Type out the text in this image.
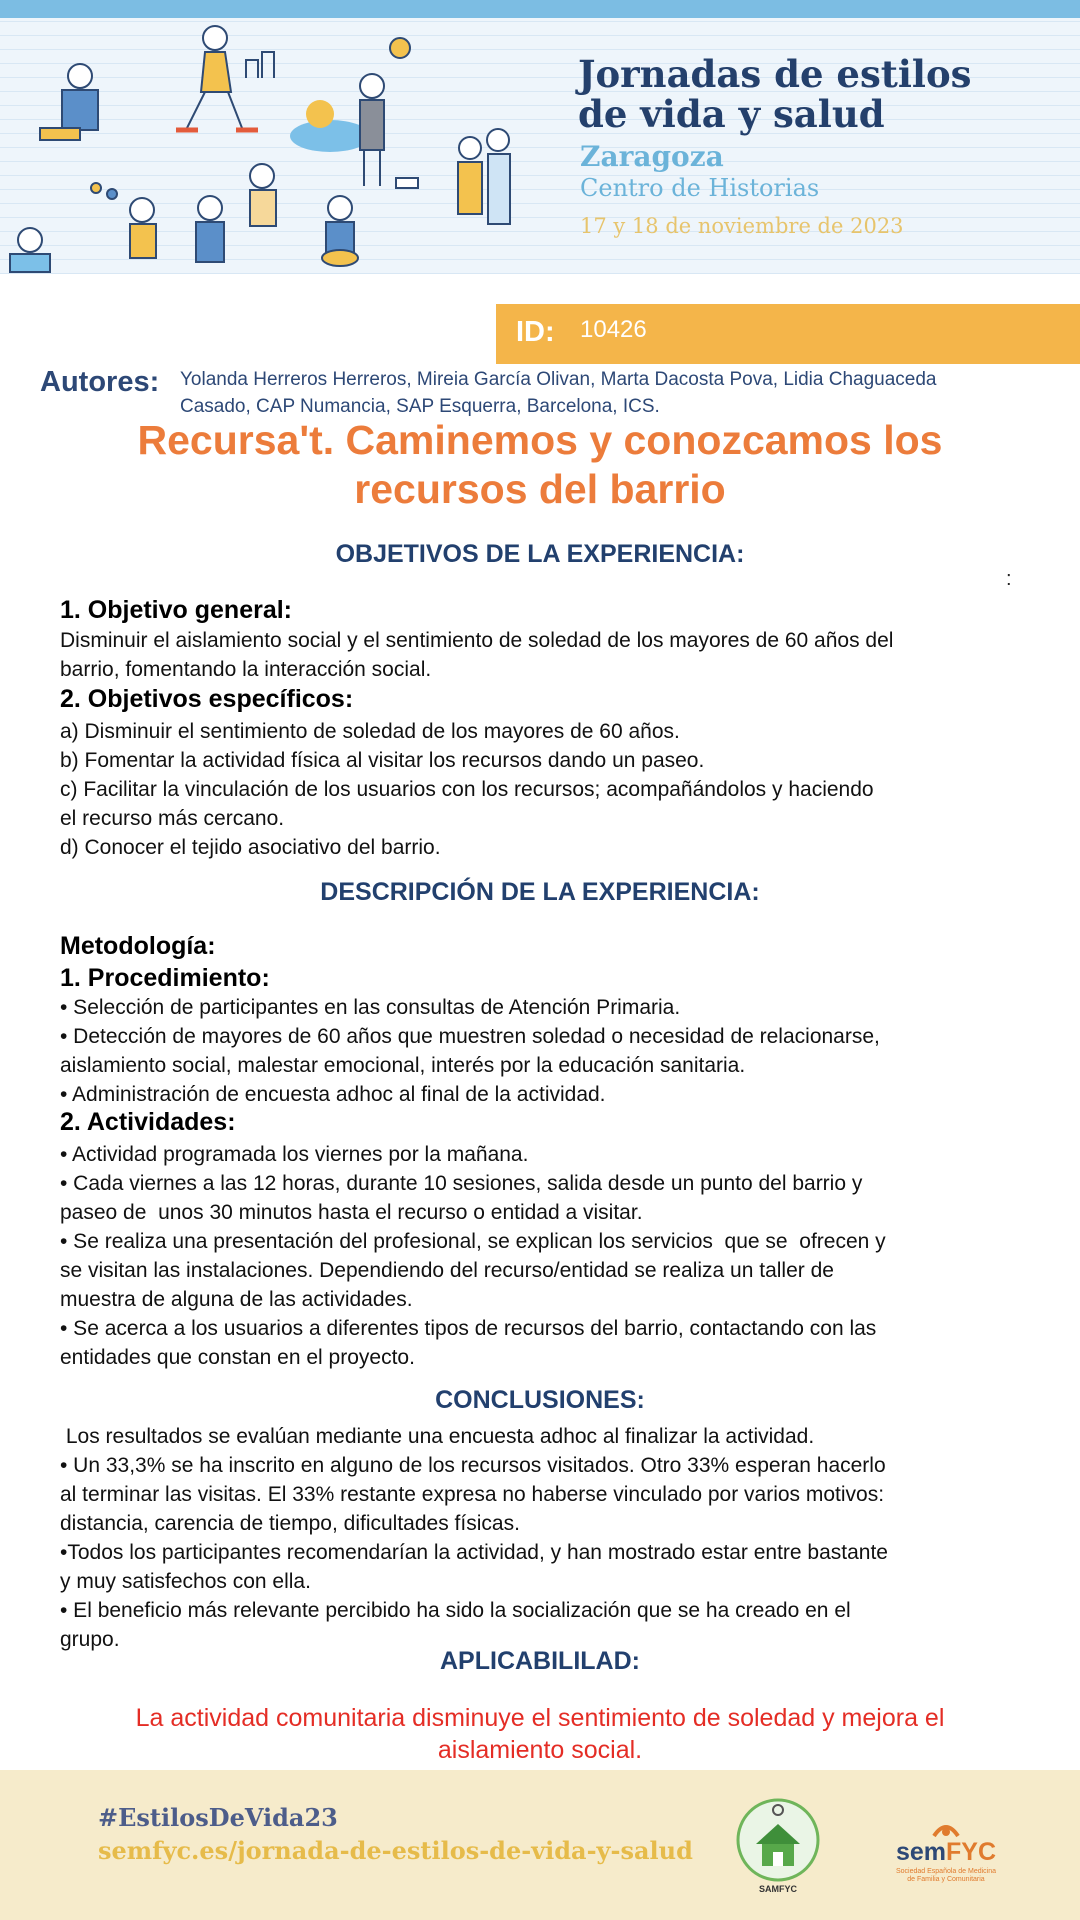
Jornadas de estilos
de vida y salud
Zaragoza
Centro de Historias
17 y 18 de noviembre de 2023
ID: 10426
Autores: Yolanda Herreros Herreros, Mireia García Olivan, Marta Dacosta Pova, Lidia Chaguaceda
Casado, CAP Numancia, SAP Esquerra, Barcelona, ICS.
Recursa't. Caminemos y conozcamos los
recursos del barrio
OBJETIVOS DE LA EXPERIENCIA:
:
1. Objetivo general:
Disminuir el aislamiento social y el sentimiento de soledad de los mayores de 60 años del
barrio, fomentando la interacción social.
2. Objetivos específicos:
a) Disminuir el sentimiento de soledad de los mayores de 60 años.
b) Fomentar la actividad física al visitar los recursos dando un paseo.
c) Facilitar la vinculación de los usuarios con los recursos; acompañándolos y haciendo
el recurso más cercano.
d) Conocer el tejido asociativo del barrio.
DESCRIPCIÓN DE LA EXPERIENCIA:
Metodología:
1. Procedimiento:
• Selección de participantes en las consultas de Atención Primaria.
• Detección de mayores de 60 años que muestren soledad o necesidad de relacionarse,
aislamiento social, malestar emocional, interés por la educación sanitaria.
• Administración de encuesta adhoc al final de la actividad.
2. Actividades:
• Actividad programada los viernes por la mañana.
• Cada viernes a las 12 horas, durante 10 sesiones, salida desde un punto del barrio y
paseo de  unos 30 minutos hasta el recurso o entidad a visitar.
• Se realiza una presentación del profesional, se explican los servicios  que se  ofrecen y
se visitan las instalaciones. Dependiendo del recurso/entidad se realiza un taller de
muestra de alguna de las actividades.
• Se acerca a los usuarios a diferentes tipos de recursos del barrio, contactando con las
entidades que constan en el proyecto.
CONCLUSIONES:
Los resultados se evalúan mediante una encuesta adhoc al finalizar la actividad.
• Un 33,3% se ha inscrito en alguno de los recursos visitados. Otro 33% esperan hacerlo
al terminar las visitas. El 33% restante expresa no haberse vinculado por varios motivos:
distancia, carencia de tiempo, dificultades físicas.
•Todos los participantes recomendarían la actividad, y han mostrado estar entre bastante
y muy satisfechos con ella.
• El beneficio más relevante percibido ha sido la socialización que se ha creado en el
grupo.
APLICABILILAD:
La actividad comunitaria disminuye el sentimiento de soledad y mejora el
aislamiento social.
#EstilosDeVida23
semfyc.es/jornada-de-estilos-de-vida-y-salud
SAMFYC
semFYC
Sociedad Española de Medicina
de Familia y Comunitaria
